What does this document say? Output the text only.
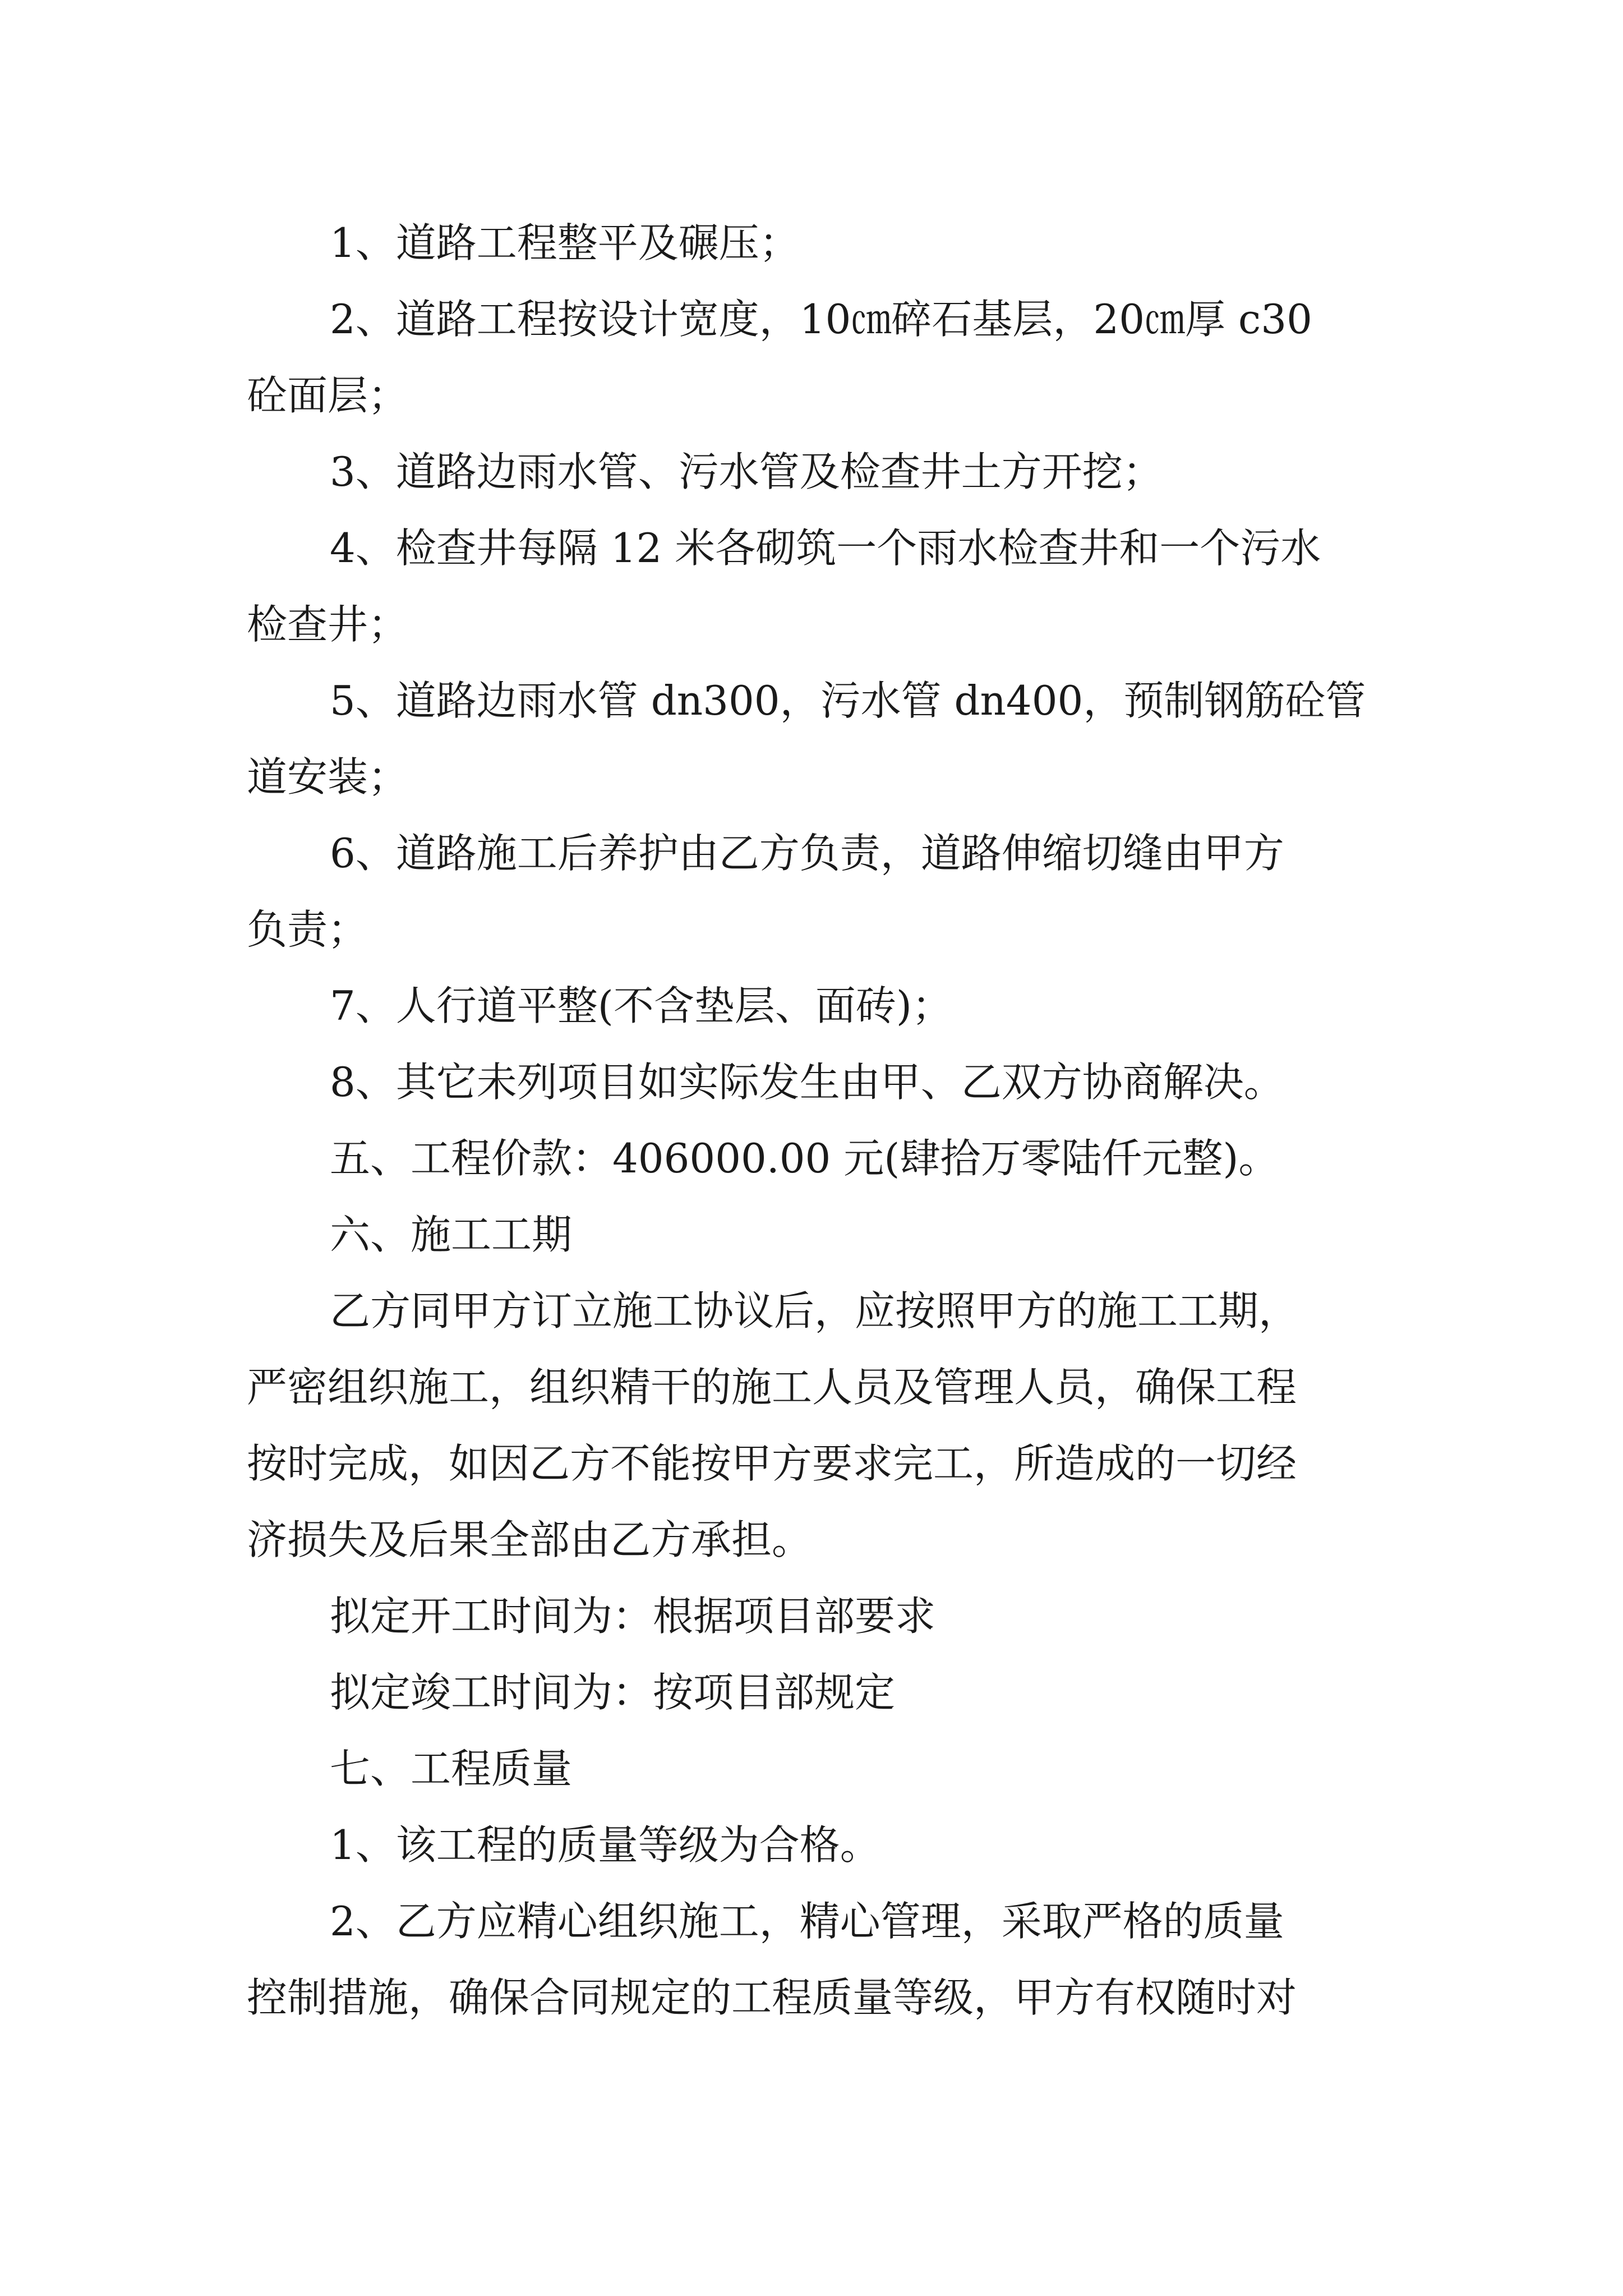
1、道路工程整平及碾压；
2、道路工程按设计宽度，10㎝碎石基层，20㎝厚 c30
砼面层；
3、道路边雨水管、污水管及检查井土方开挖；
4、检查井每隔 12 米各砌筑一个雨水检查井和一个污水
检查井；
5、道路边雨水管 dn300，污水管 dn400，预制钢筋砼管
道安装；
6、道路施工后养护由乙方负责，道路伸缩切缝由甲方
负责；
7、人行道平整(不含垫层、面砖)；
8、其它未列项目如实际发生由甲、乙双方协商解决。
五、工程价款：406000.00 元(肆拾万零陆仟元整)。
六、施工工期
乙方同甲方订立施工协议后，应按照甲方的施工工期，
严密组织施工，组织精干的施工人员及管理人员，确保工程
按时完成，如因乙方不能按甲方要求完工，所造成的一切经
济损失及后果全部由乙方承担。
拟定开工时间为：根据项目部要求
拟定竣工时间为：按项目部规定
七、工程质量
1、该工程的质量等级为合格。
2、乙方应精心组织施工，精心管理，采取严格的质量
控制措施，确保合同规定的工程质量等级，甲方有权随时对
